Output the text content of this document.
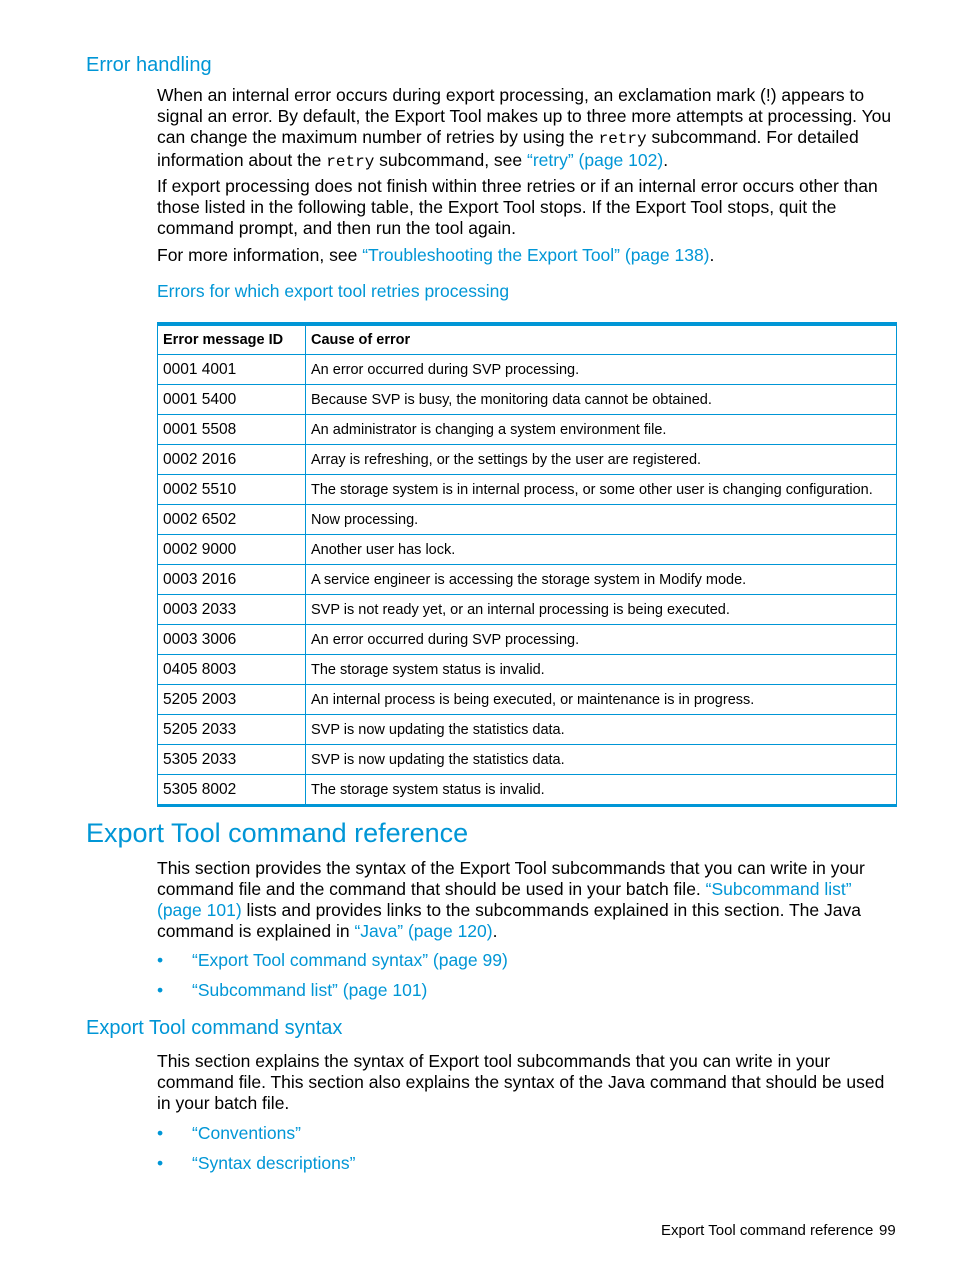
Error handling

When an internal error occurs during export processing, an exclamation mark (!) appears to signal an error. By default, the Export Tool makes up to three more attempts at processing. You can change the maximum number of retries by using the retry subcommand. For detailed information about the retry subcommand, see “retry” (page 102).

If export processing does not finish within three retries or if an internal error occurs other than those listed in the following table, the Export Tool stops. If the Export Tool stops, quit the command prompt, and then run the tool again.

For more information, see “Troubleshooting the Export Tool” (page 138).

Errors for which export tool retries processing
Error message ID	Cause of error
0001 4001	An error occurred during SVP processing.
0001 5400	Because SVP is busy, the monitoring data cannot be obtained.
0001 5508	An administrator is changing a system environment file.
0002 2016	Array is refreshing, or the settings by the user are registered.
0002 5510	The storage system is in internal process, or some other user is changing configuration.
0002 6502	Now processing.
0002 9000	Another user has lock.
0003 2016	A service engineer is accessing the storage system in Modify mode.
0003 2033	SVP is not ready yet, or an internal processing is being executed.
0003 3006	An error occurred during SVP processing.
0405 8003	The storage system status is invalid.
5205 2003	An internal process is being executed, or maintenance is in progress.
5205 2033	SVP is now updating the statistics data.
5305 2033	SVP is now updating the statistics data.
5305 8002	The storage system status is invalid.
Export Tool command reference

This section provides the syntax of the Export Tool subcommands that you can write in your command file and the command that should be used in your batch file. “Subcommand list” (page 101) lists and provides links to the subcommands explained in this section. The Java command is explained in “Java” (page 120).

• “Export Tool command syntax” (page 99)
• “Subcommand list” (page 101)
Export Tool command syntax

This section explains the syntax of Export tool subcommands that you can write in your command file. This section also explains the syntax of the Java command that should be used in your batch file.

• “Conventions”
• “Syntax descriptions”
Export Tool command reference 99
